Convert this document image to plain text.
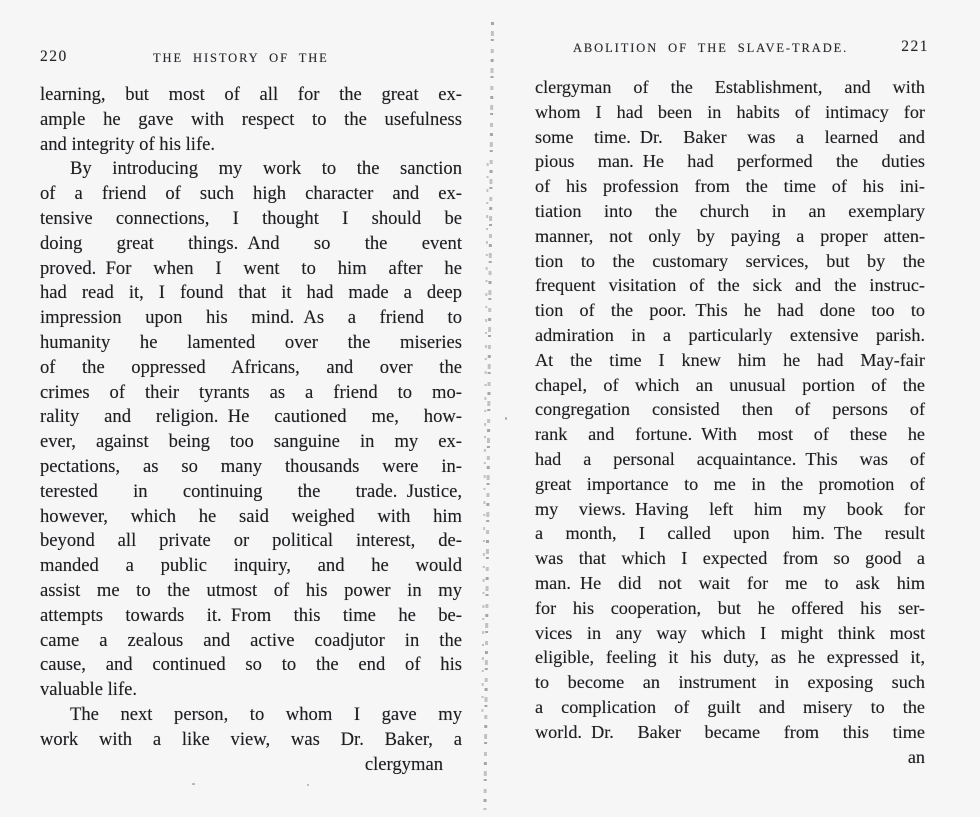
220	THE HISTORY OF THE
learning, but most of all for the great ex-
ample he gave with respect to the usefulness
and integrity of his life.
By introducing my work to the sanction
of a friend of such high character and ex-
tensive connections, I thought I should be
doing great things. And so the event
proved. For when I went to him after he
had read it, I found that it had made a deep
impression upon his mind. As a friend to
humanity he lamented over the miseries
of the oppressed Africans, and over the
crimes of their tyrants as a friend to mo-
rality and religion. He cautioned me, how-
ever, against being too sanguine in my ex-
pectations, as so many thousands were in-
terested in continuing the trade. Justice,
however, which he said weighed with him
beyond all private or political interest, de-
manded a public inquiry, and he would
assist me to the utmost of his power in my
attempts towards it. From this time he be-
came a zealous and active coadjutor in the
cause, and continued so to the end of his
valuable life.
The next person, to whom I gave my
work with a like view, was Dr. Baker, a
clergyman
ABOLITION OF THE SLAVE-TRADE.	221
clergyman of the Establishment, and with
whom I had been in habits of intimacy for
some time. Dr. Baker was a learned and
pious man. He had performed the duties
of his profession from the time of his ini-
tiation into the church in an exemplary
manner, not only by paying a proper atten-
tion to the customary services, but by the
frequent visitation of the sick and the instruc-
tion of the poor. This he had done too to
admiration in a particularly extensive parish.
At the time I knew him he had May-fair
chapel, of which an unusual portion of the
congregation consisted then of persons of
rank and fortune. With most of these he
had a personal acquaintance. This was of
great importance to me in the promotion of
my views. Having left him my book for
a month, I called upon him. The result
was that which I expected from so good a
man. He did not wait for me to ask him
for his cooperation, but he offered his ser-
vices in any way which I might think most
eligible, feeling it his duty, as he expressed it,
to become an instrument in exposing such
a complication of guilt and misery to the
world. Dr. Baker became from this time
an
